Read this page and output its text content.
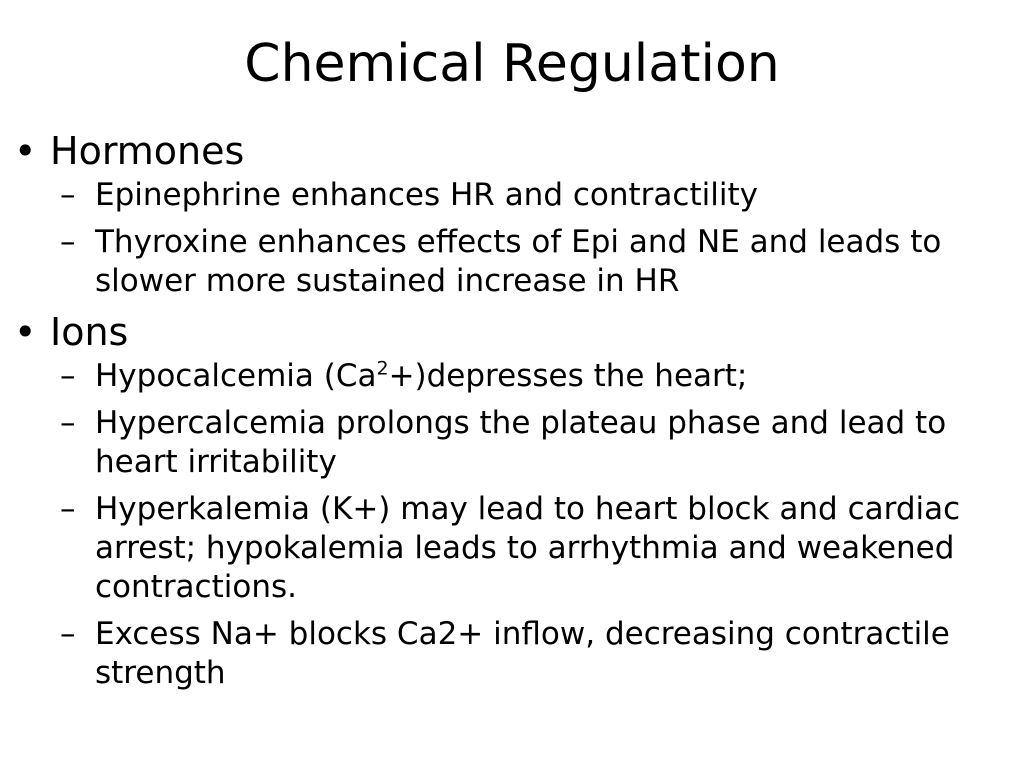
Chemical Regulation
• Hormones
– Epinephrine enhances HR and contractility
– Thyroxine enhances effects of Epi and NE and leads to slower more sustained increase in HR
• Ions
– Hypocalcemia $(Ca^2+)depresses$ the heart;
– Hypercalcemia prolongs the plateau phase and lead to heart irritability
– Hyperkalemia (K+) may lead to heart block and cardiac arrest; hypokalemia leads to arrhythmia and weakened contractions.
– Excess Na+ blocks Ca2+ inflow, decreasing contractile strength
